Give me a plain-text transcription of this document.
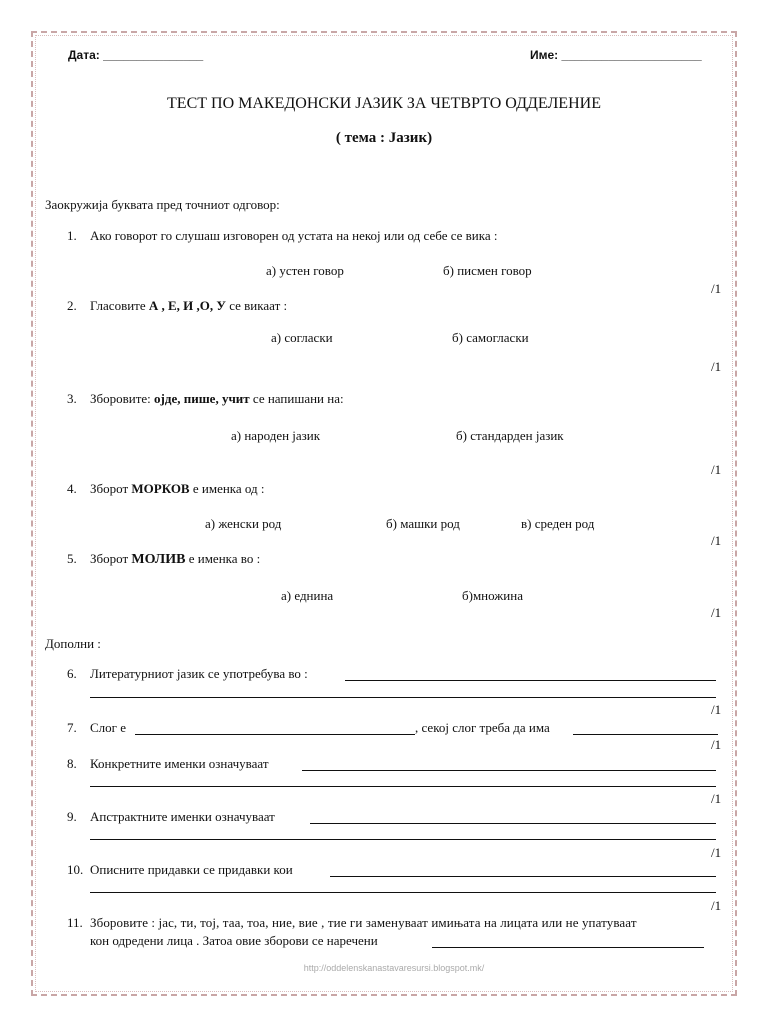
Дата: _______________	Име: _____________________
ТЕСТ ПО МАКЕДОНСКИ ЈАЗИК ЗА ЧЕТВРТО ОДДЕЛЕНИЕ
( тема : Јазик)
Заокружија буквата пред точниот одговор:
1. Ако говорот го слушаш изговорен од устата на некој или од себе се вика :
а) устен говор	б) писмен говор
/1
2. Гласовите А , Е, И ,О, У се викаат :
а) согласки	б) самогласки
/1
3. Зборовите: ојде, пише, учит се напишани на:
а) народен јазик	б) стандарден јазик
/1
4. Зборот МОРКОВ е именка од :
а) женски род	б) машки род	в) среден род
/1
5. Зборот МОЛИВ е именка во :
а) еднина	б)множина
/1
Дополни :
6. Литературниот јазик се употребува во :
/1
7. Слог е	, секој слог треба да има
/1
8. Конкретните именки означуваат
/1
9. Апстрактните именки означуваат
/1
10. Описните придавки се придавки кои
/1
11. Зборовите : јас, ти, тој, таа, тоа, ние, вие , тие ги заменуваат имињата на лицата или не упатуваат
кон одредени лица . Затоа овие зборови се наречени
http://oddelenskanastavaresursi.blogspot.mk/
